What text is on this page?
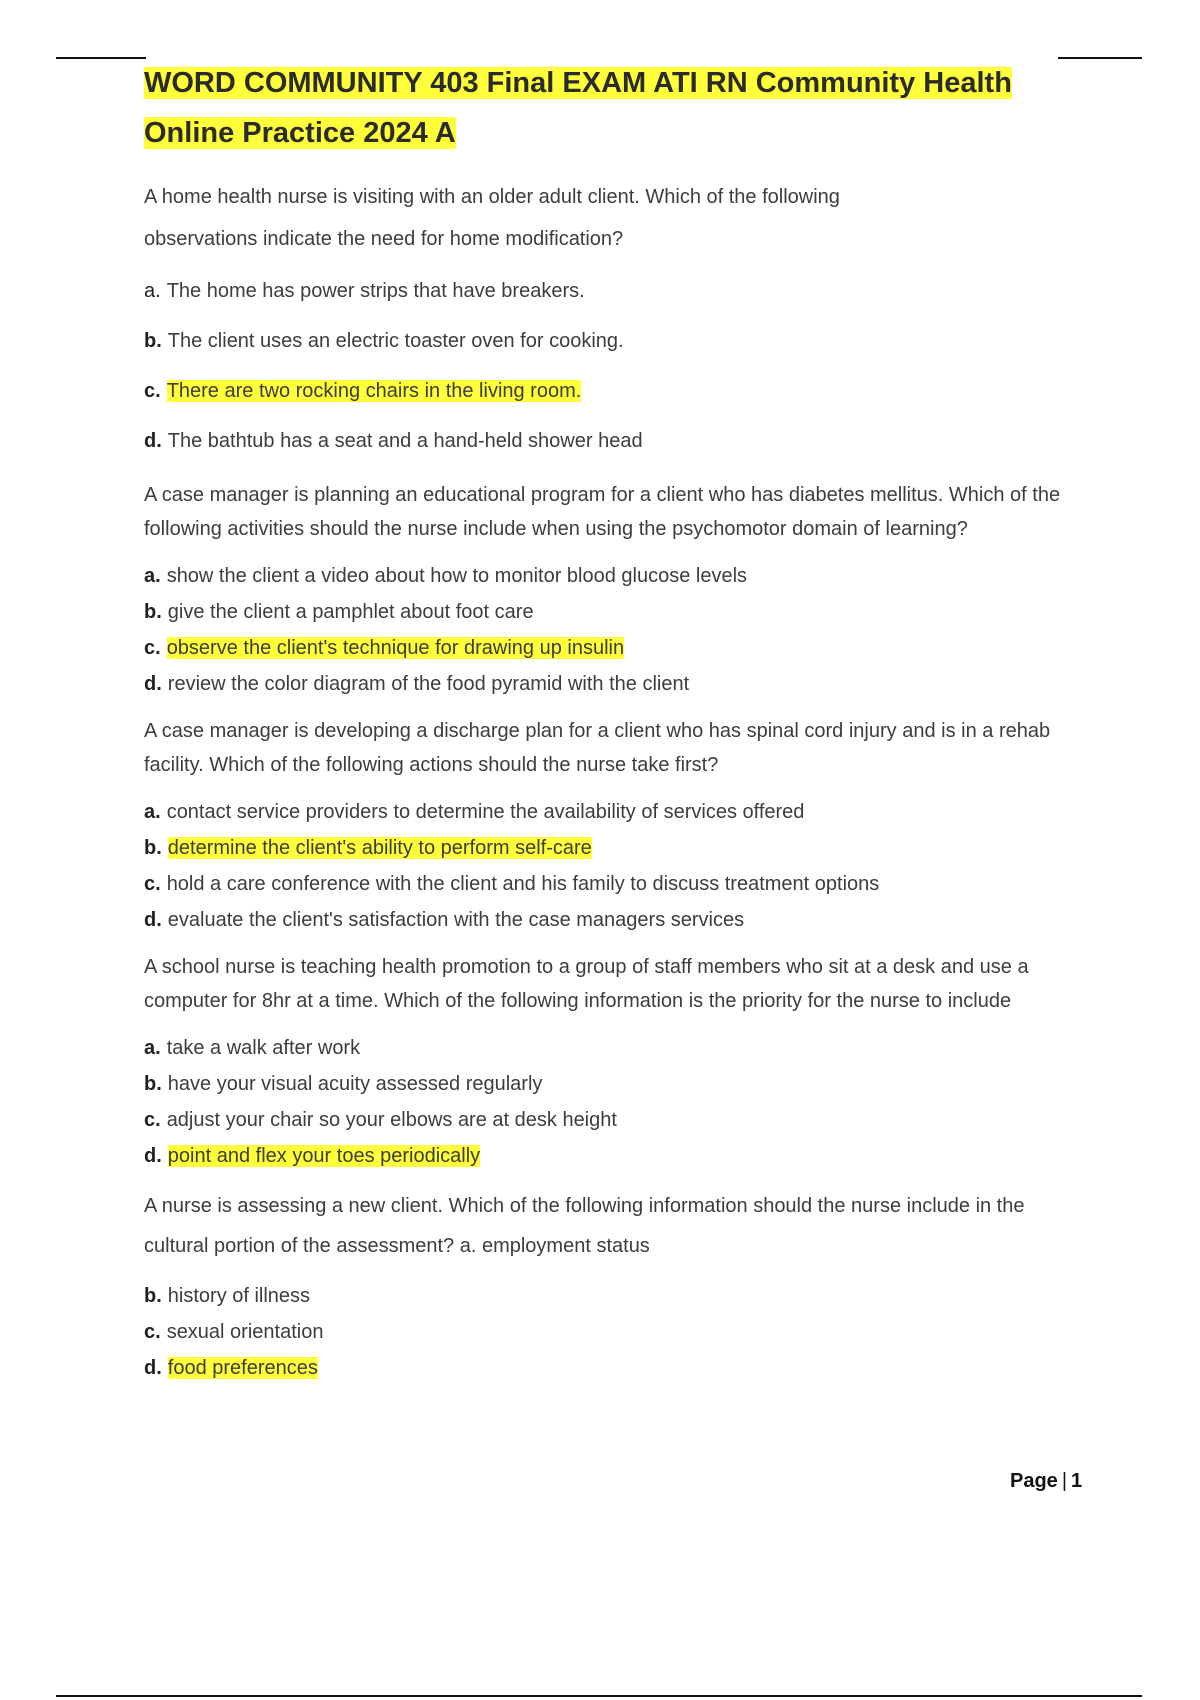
WORD COMMUNITY 403 Final EXAM ATI RN Community Health Online Practice 2024 A

A home health nurse is visiting with an older adult client. Which of the following observations indicate the need for home modification?

a. The home has power strips that have breakers.
b. The client uses an electric toaster oven for cooking.
c. There are two rocking chairs in the living room.
d. The bathtub has a seat and a hand-held shower head

A case manager is planning an educational program for a client who has diabetes mellitus. Which of the following activities should the nurse include when using the psychomotor domain of learning?

a. show the client a video about how to monitor blood glucose levels
b. give the client a pamphlet about foot care
c. observe the client's technique for drawing up insulin
d. review the color diagram of the food pyramid with the client

A case manager is developing a discharge plan for a client who has spinal cord injury and is in a rehab facility. Which of the following actions should the nurse take first?

a. contact service providers to determine the availability of services offered
b. determine the client's ability to perform self-care
c. hold a care conference with the client and his family to discuss treatment options
d. evaluate the client's satisfaction with the case managers services

A school nurse is teaching health promotion to a group of staff members who sit at a desk and use a computer for 8hr at a time. Which of the following information is the priority for the nurse to include

a. take a walk after work
b. have your visual acuity assessed regularly
c. adjust your chair so your elbows are at desk height
d. point and flex your toes periodically

A nurse is assessing a new client. Which of the following information should the nurse include in the cultural portion of the assessment? a. employment status

b. history of illness
c. sexual orientation
d. food preferences
Page | 1
